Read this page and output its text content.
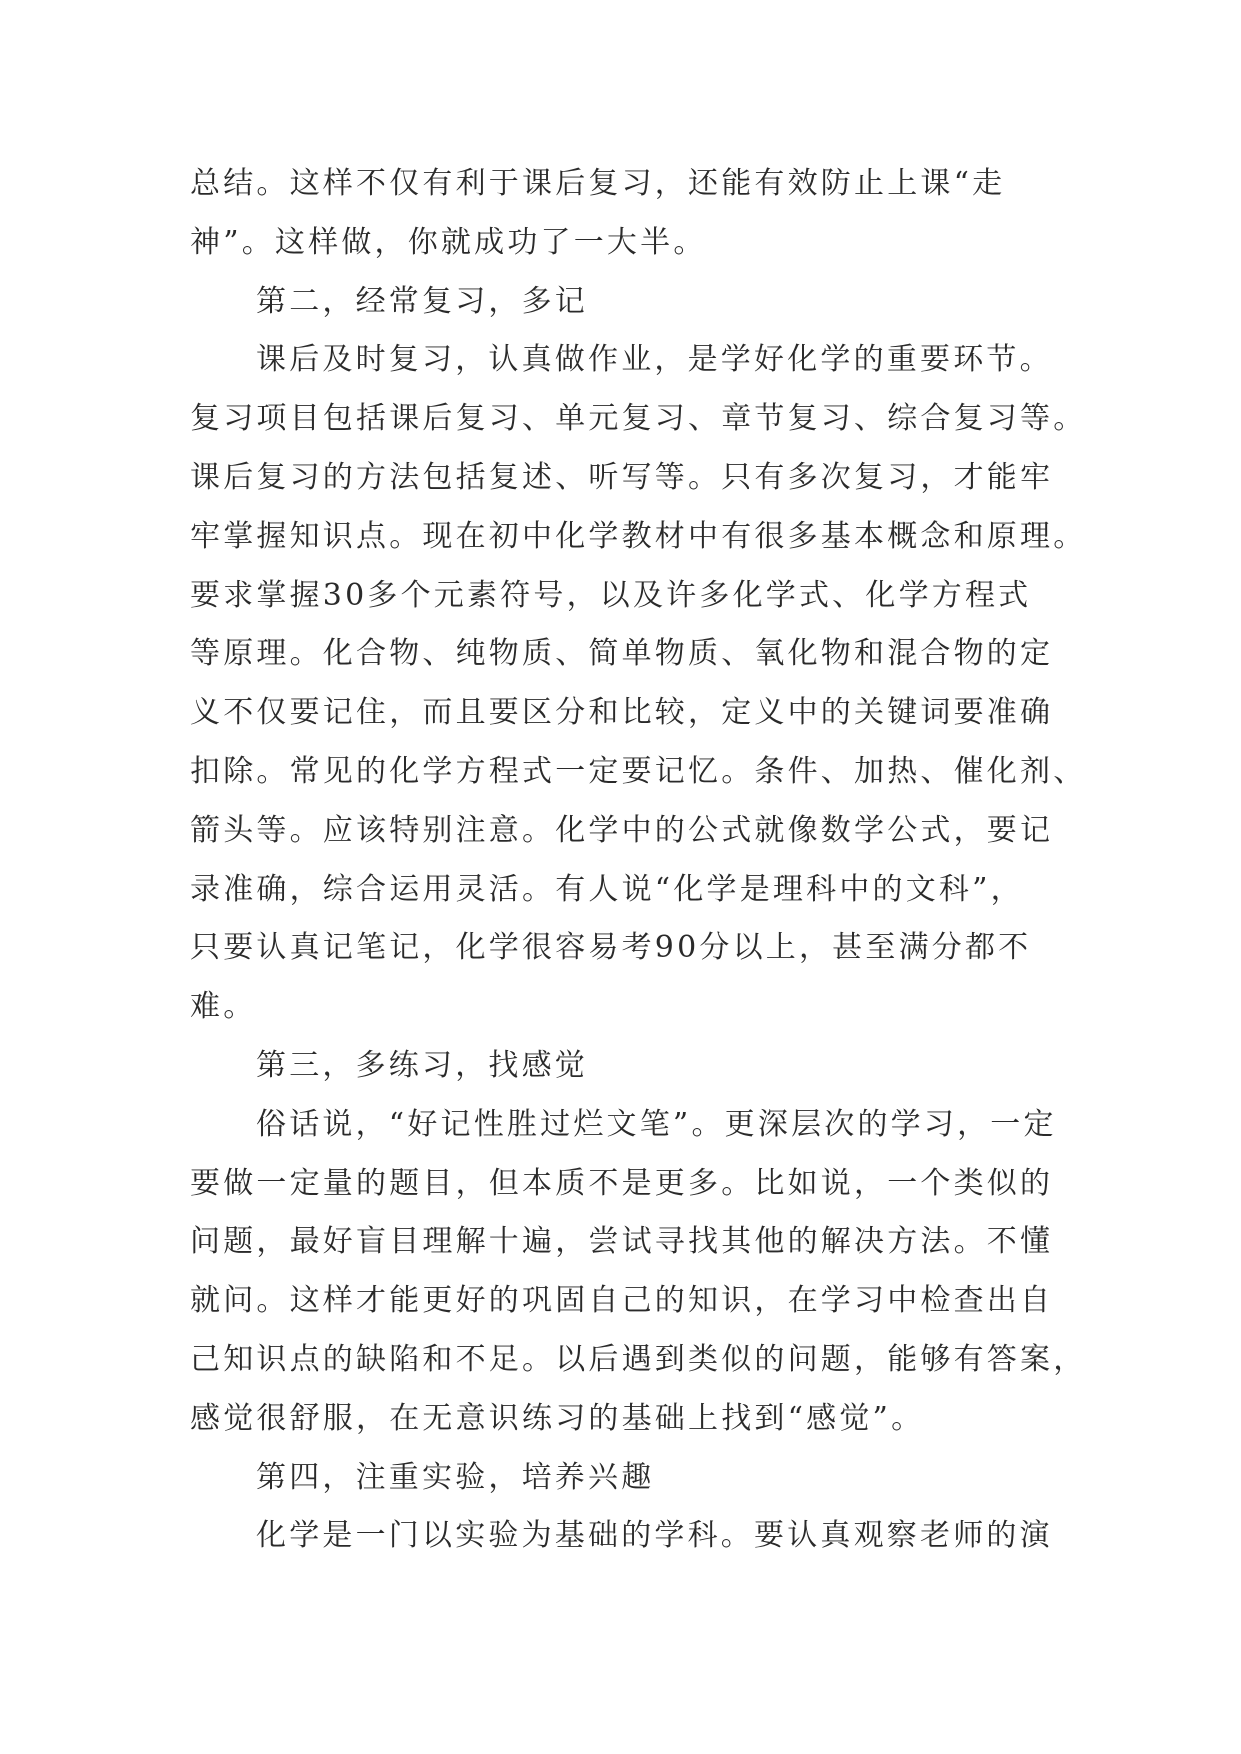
总结。这样不仅有利于课后复习，还能有效防止上课“走
神”。这样做，你就成功了一大半。
第二，经常复习，多记
课后及时复习，认真做作业，是学好化学的重要环节。
复习项目包括课后复习、单元复习、章节复习、综合复习等。
课后复习的方法包括复述、听写等。只有多次复习，才能牢
牢掌握知识点。现在初中化学教材中有很多基本概念和原理。
要求掌握30多个元素符号，以及许多化学式、化学方程式
等原理。化合物、纯物质、简单物质、氧化物和混合物的定
义不仅要记住，而且要区分和比较，定义中的关键词要准确
扣除。常见的化学方程式一定要记忆。条件、加热、催化剂、
箭头等。应该特别注意。化学中的公式就像数学公式，要记
录准确，综合运用灵活。有人说“化学是理科中的文科”，
只要认真记笔记，化学很容易考90分以上，甚至满分都不
难。
第三，多练习，找感觉
俗话说，“好记性胜过烂文笔”。更深层次的学习，一定
要做一定量的题目，但本质不是更多。比如说，一个类似的
问题，最好盲目理解十遍，尝试寻找其他的解决方法。不懂
就问。这样才能更好的巩固自己的知识，在学习中检查出自
己知识点的缺陷和不足。以后遇到类似的问题，能够有答案，
感觉很舒服，在无意识练习的基础上找到“感觉”。
第四，注重实验，培养兴趣
化学是一门以实验为基础的学科。要认真观察老师的演
